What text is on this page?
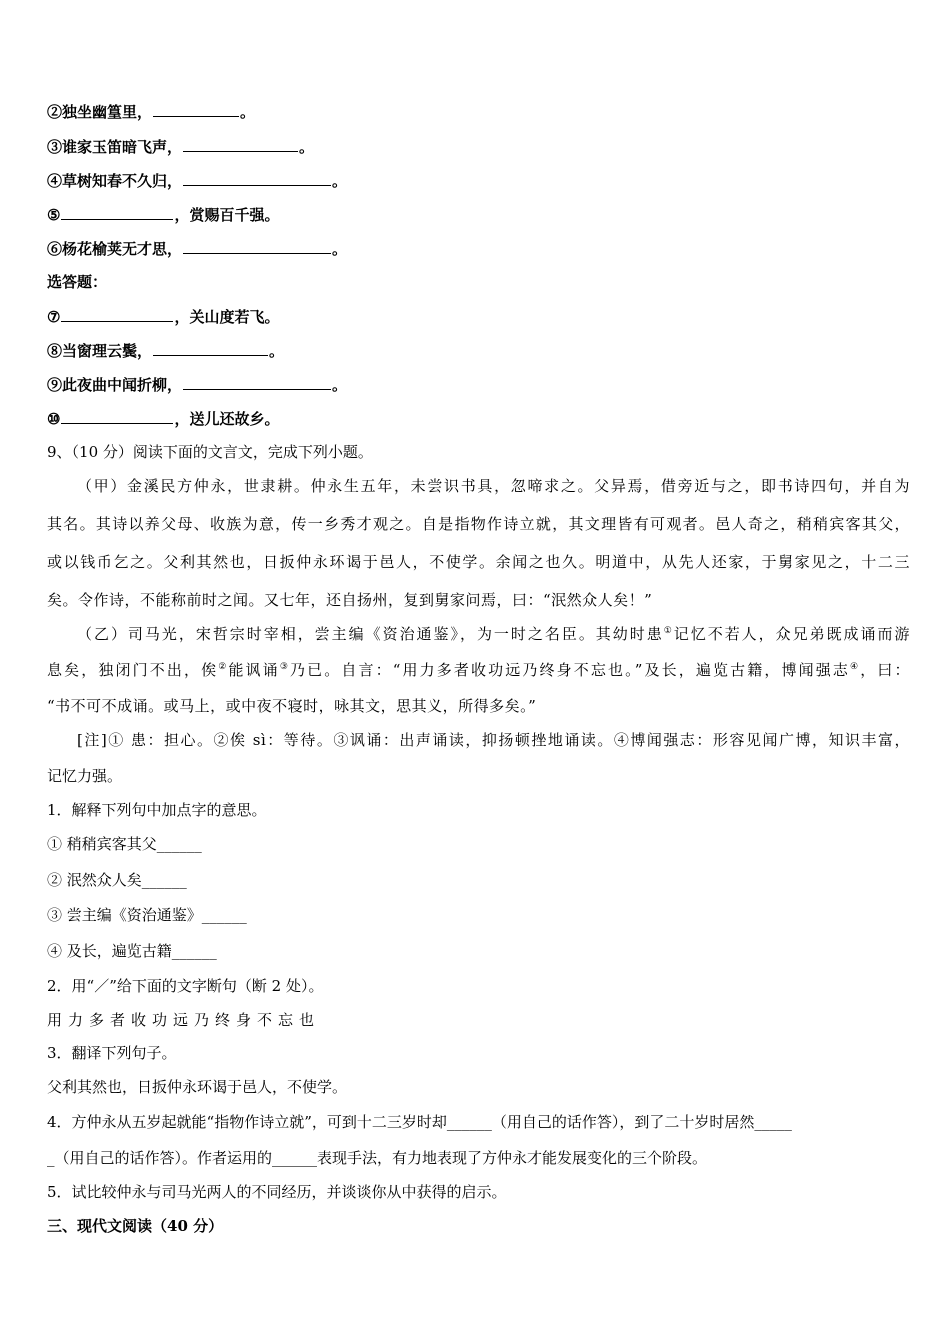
②独坐幽篁里，	。
③谁家玉笛暗飞声，	。
④草树知春不久归，	。
⑤	，赏赐百千强。
⑥杨花榆荚无才思，	。
选答题：
⑦	，关山度若飞。
⑧当窗理云鬓，	。
⑨此夜曲中闻折柳，	。
⑩	，送儿还故乡。
9、（10 分）阅读下面的文言文，完成下列小题。
（甲）金溪民方仲永，世隶耕。仲永生五年，未尝识书具，忽啼求之。父异焉，借旁近与之，即书诗四句，并自为
其名。其诗以养父母、收族为意，传一乡秀才观之。自是指物作诗立就，其文理皆有可观者。邑人奇之，稍稍宾客其父，
或以钱币乞之。父利其然也，日扳仲永环谒于邑人，不使学。余闻之也久。明道中，从先人还家，于舅家见之，十二三
矣。令作诗，不能称前时之闻。又七年，还自扬州，复到舅家问焉，曰：“泯然众人矣！”
（乙）司马光，宋哲宗时宰相，尝主编《资治通鉴》，为一时之名臣。其幼时患①记忆不若人，众兄弟既成诵而游
息矣，独闭门不出，俟②能讽诵③乃已。自言：“用力多者收功远乃终身不忘也。”及长，遍览古籍，博闻强志④，曰：
“书不可不成诵。或马上，或中夜不寝时，咏其文，思其义，所得多矣。”
[注]① 患：担心。②俟 sì：等待。③讽诵：出声诵读，抑扬顿挫地诵读。④博闻强志：形容见闻广博，知识丰富，
记忆力强。
1．解释下列句中加点字的意思。
① 稍稍宾客其父______
② 泯然众人矣______
③ 尝主编《资治通鉴》______
④ 及长，遍览古籍______
2．用“／”给下面的文字断句（断 2 处）。
用力多者收功远乃终身不忘也
3．翻译下列句子。
父利其然也，日扳仲永环谒于邑人，不使学。
4．方仲永从五岁起就能“指物作诗立就”，可到十二三岁时却______（用自己的话作答），到了二十岁时居然_____
_（用自己的话作答）。作者运用的______表现手法，有力地表现了方仲永才能发展变化的三个阶段。
5．试比较仲永与司马光两人的不同经历，并谈谈你从中获得的启示。
三、现代文阅读（40 分）
